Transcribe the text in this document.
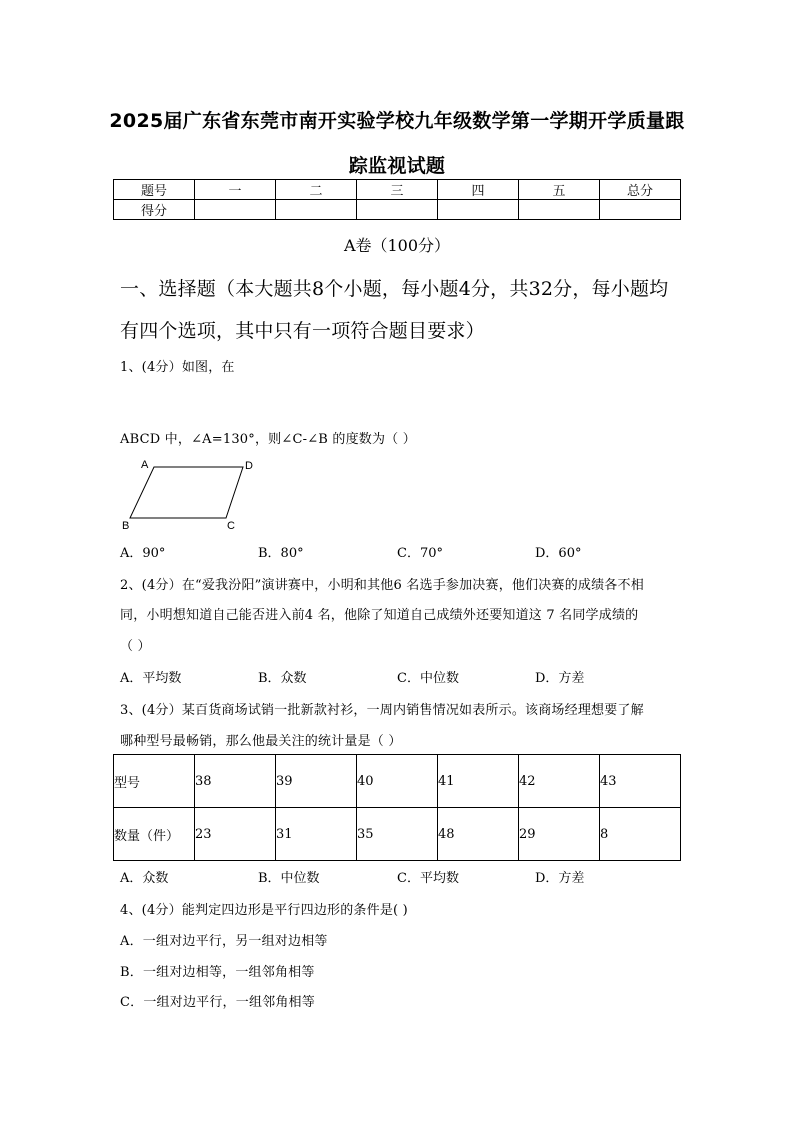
2025届广东省东莞市南开实验学校九年级数学第一学期开学质量跟
踪监视试题
题号	一	二	三	四	五	总分
得分						
A卷（100分）
一、选择题（本大题共8个小题，每小题4分，共32分，每小题均
有四个选项，其中只有一项符合题目要求）
1、(4分）如图，在
ABCD 中，∠A=130°，则∠C-∠B 的度数为（ ）
A	D
B	C
A．90°	B．80°	C．70°	D．60°
2、(4分）在“爱我汾阳”演讲赛中，小明和其他6 名选手参加决赛，他们决赛的成绩各不相
同，小明想知道自己能否进入前4 名，他除了知道自己成绩外还要知道这 7 名同学成绩的
（ ）
A．平均数	B．众数	C．中位数	D．方差
3、(4分）某百货商场试销一批新款衬衫，一周内销售情况如表所示。该商场经理想要了解
哪种型号最畅销，那么他最关注的统计量是（ ）
型号	38	39	40	41	42	43
数量（件）	23	31	35	48	29	8
A．众数	B．中位数	C．平均数	D．方差
4、(4分）能判定四边形是平行四边形的条件是( )
A．一组对边平行，另一组对边相等
B．一组对边相等，一组邻角相等
C．一组对边平行，一组邻角相等
